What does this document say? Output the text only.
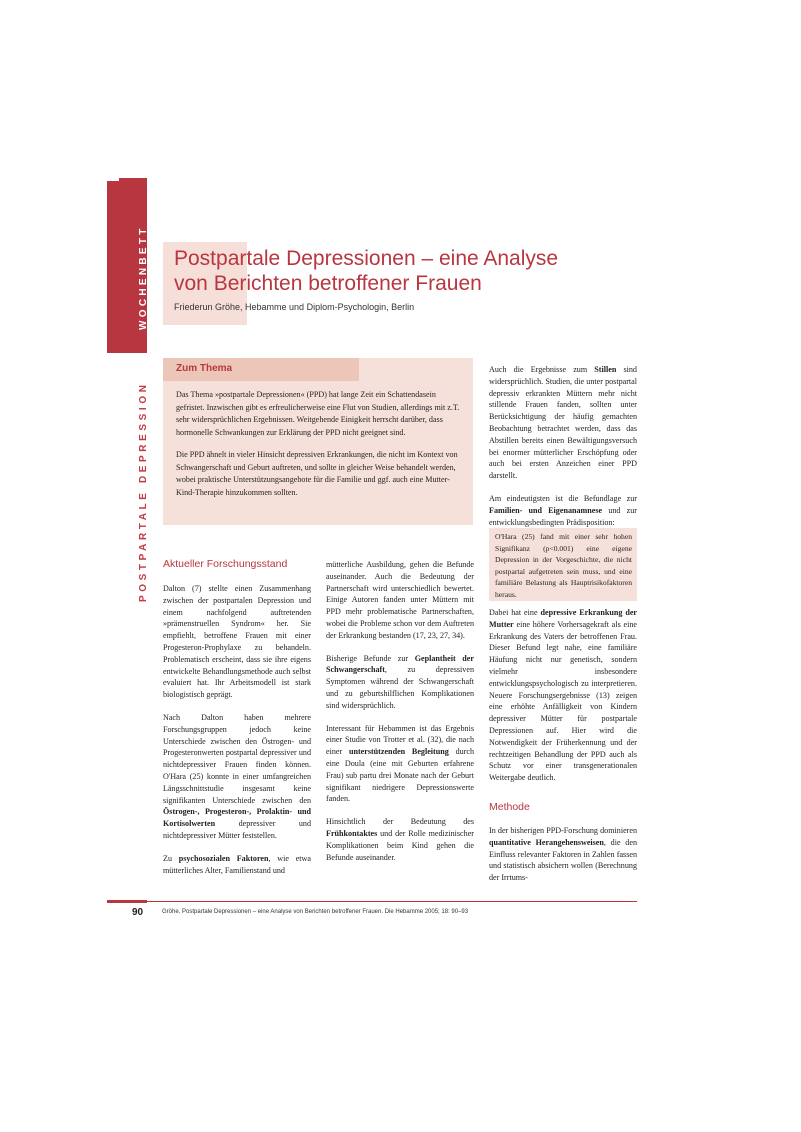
WOCHENBETT
POSTPARTALE DEPRESSION
Postpartale Depressionen – eine Analyse
von Berichten betroffener Frauen
Friederun Gröhe, Hebamme und Diplom-Psychologin, Berlin
Zum Thema

Das Thema »postpartale Depressionen« (PPD) hat lange Zeit ein Schattendasein gefristet. Inzwischen gibt es erfreulicherweise eine Flut von Studien, allerdings mit z.T. sehr widersprüchlichen Ergebnissen. Weitgehende Einigkeit herrscht darüber, dass hormonelle Schwankungen zur Erklärung der PPD nicht geeignet sind.

Die PPD ähnelt in vieler Hinsicht depressiven Erkrankungen, die nicht im Kontext von Schwangerschaft und Geburt auftreten, und sollte in gleicher Weise behandelt werden, wobei praktische Unterstützungsangebote für die Familie und ggf. auch eine Mutter-Kind-Therapie hinzukommen sollten.

Aktueller Forschungsstand

Dalton (7) stellte einen Zusammenhang zwischen der postpartalen Depression und einem nachfolgend auftretenden »prämenstruellen Syndrom« her. Sie empfiehlt, betroffene Frauen mit einer Progesteron-Prophylaxe zu behandeln. Problematisch erscheint, dass sie ihre eigens entwickelte Behandlungsmethode auch selbst evaluiert hat. Ihr Arbeitsmodell ist stark biologistisch geprägt.

Nach Dalton haben mehrere Forschungsgruppen jedoch keine Unterschiede zwischen den Östrogen- und Progesteronwerten postpartal depressiver und nichtdepressiver Frauen finden können. O'Hara (25) konnte in einer umfangreichen Längsschnittstudie insgesamt keine signifikanten Unterschiede zwischen den Östrogen-, Progesteron-, Prolaktin- und Kortisolwerten depressiver und nichtdepressiver Mütter feststellen.

Zu psychosozialen Faktoren, wie etwa mütterliches Alter, Familienstand und

mütterliche Ausbildung, gehen die Befunde auseinander. Auch die Bedeutung der Partnerschaft wird unterschiedlich bewertet. Einige Autoren fanden unter Müttern mit PPD mehr problematische Partnerschaften, wobei die Probleme schon vor dem Auftreten der Erkrankung bestanden (17, 23, 27, 34).

Bisherige Befunde zur Geplantheit der Schwangerschaft, zu depressiven Symptomen während der Schwangerschaft und zu geburtshilflichen Komplikationen sind widersprüchlich.

Interessant für Hebammen ist das Ergebnis einer Studie von Trotter et al. (32), die nach einer unterstützenden Begleitung durch eine Doula (eine mit Geburten erfahrene Frau) sub partu drei Monate nach der Geburt signifikant niedrigere Depressionswerte fanden.

Hinsichtlich der Bedeutung des Frühkontaktes und der Rolle medizinischer Komplikationen beim Kind gehen die Befunde auseinander.

Auch die Ergebnisse zum Stillen sind widersprüchlich. Studien, die unter postpartal depressiv erkrankten Müttern mehr nicht stillende Frauen fanden, sollten unter Berücksichtigung der häufig gemachten Beobachtung betrachtet werden, dass das Abstillen bereits einen Bewältigungsversuch bei enormer mütterlicher Erschöpfung oder auch bei ersten Anzeichen einer PPD darstellt.

Am eindeutigsten ist die Befundlage zur Familien- und Eigenanamnese und zur entwicklungsbedingten Prädisposition:

O'Hara (25) fand mit einer sehr hohen Signifikanz (p<0.001) eine eigene Depression in der Vorgeschichte, die nicht postpartal aufgetreten sein muss, und eine familiäre Belastung als Hauptrisikofaktoren heraus.

Dabei hat eine depressive Erkrankung der Mutter eine höhere Vorhersagekraft als eine Erkrankung des Vaters der betroffenen Frau. Dieser Befund legt nahe, eine familiäre Häufung nicht nur genetisch, sondern vielmehr insbesondere entwicklungspsychologisch zu interpretieren. Neuere Forschungsergebnisse (13) zeigen eine erhöhte Anfälligkeit von Kindern depressiver Mütter für postpartale Depressionen auf. Hier wird die Notwendigkeit der Früherkennung und der rechtzeitigen Behandlung der PPD auch als Schutz vor einer transgenerationalen Weitergabe deutlich.

Methode

In der bisherigen PPD-Forschung dominieren quantitative Herangehensweisen, die den Einfluss relevanter Faktoren in Zahlen fassen und statistisch absichern wollen (Berechnung der Irrtums-

90	Gröhe, Postpartale Depressionen – eine Analyse von Berichten betroffener Frauen. Die Hebamme 2005; 18: 90–93
